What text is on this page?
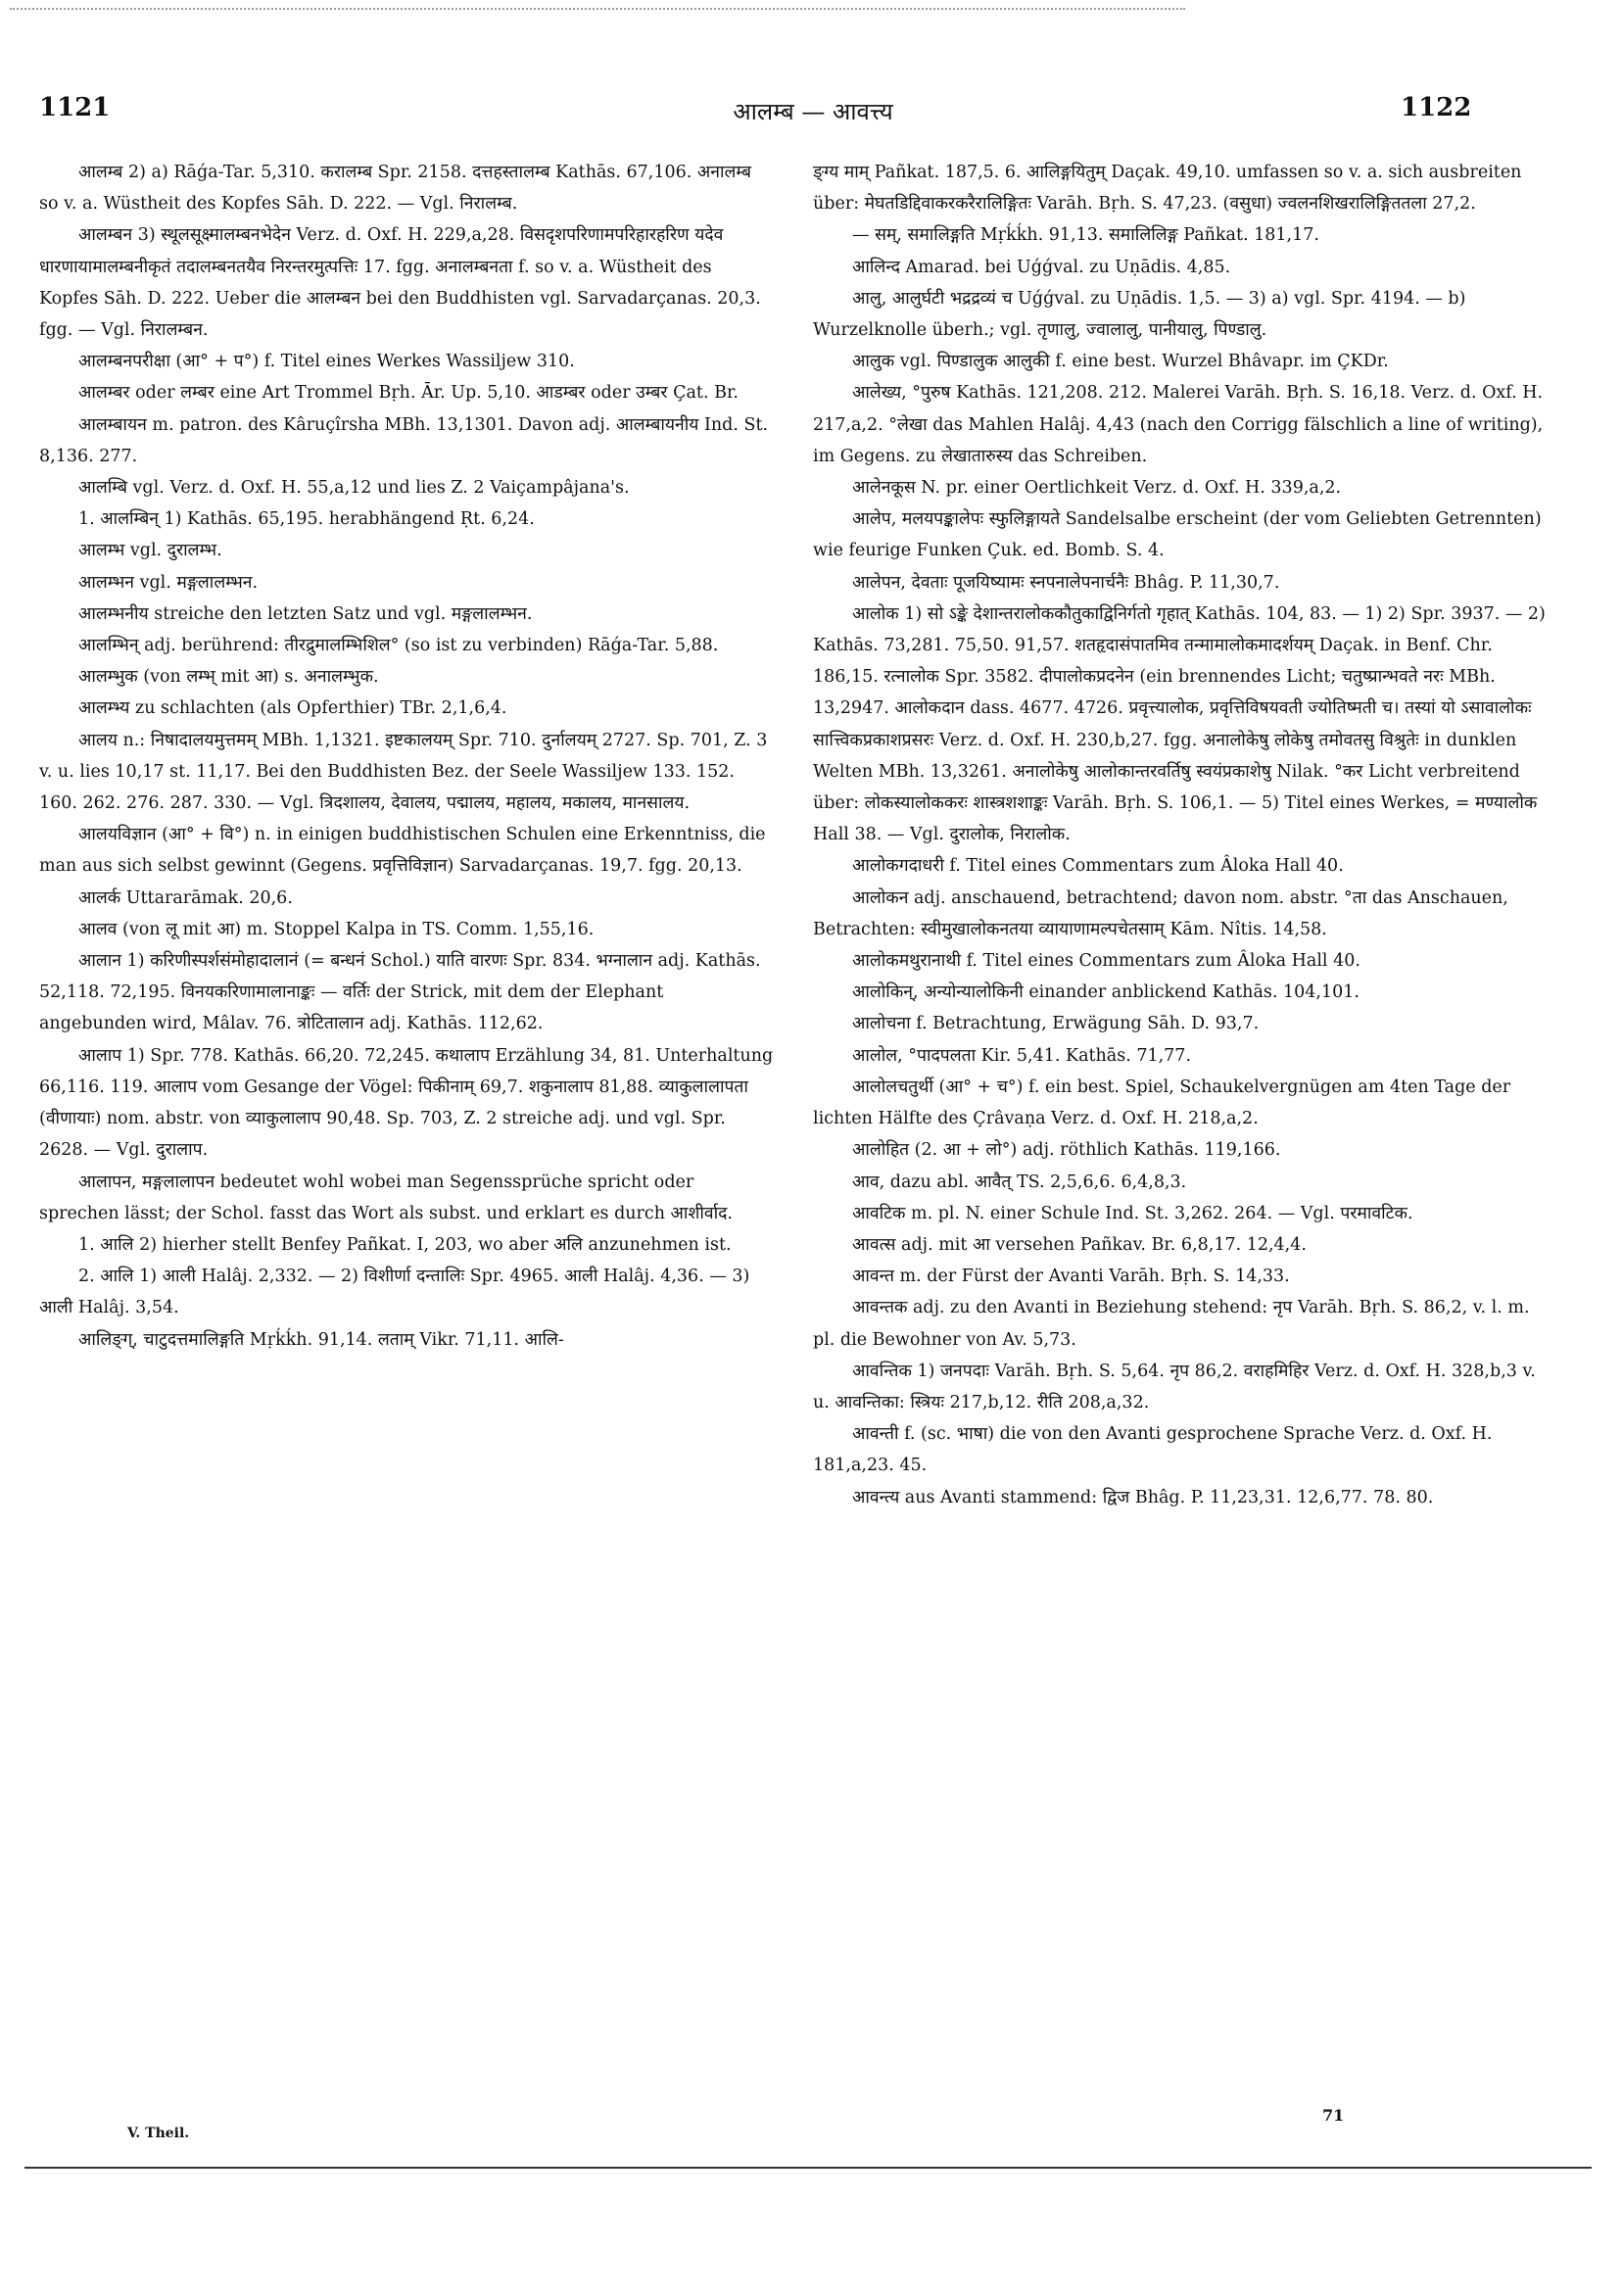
1121	आलम्ब — आवत्त्य	1122

आलम्ब 2) a) Rāǵa-Tar. 5,310. करालम्ब Spr. 2158. दत्तहस्तालम्ब Kathās. 67,106. अनालम्ब so v. a. Wüstheit des Kopfes Sāh. D. 222. — Vgl. निरालम्ब.

आलम्बन 3) स्थूलसूक्ष्मालम्बनभेदेन Verz. d. Oxf. H. 229,a,28. विसदृशपरिणामपरिहारहरिण यदेव धारणायामालम्बनीकृतं तदालम्बनतयैव निरन्तरमुत्पत्तिः 17. fgg. अनालम्बनता f. so v. a. Wüstheit des Kopfes Sāh. D. 222. Ueber die आलम्बन bei den Buddhisten vgl. Sarvadarçanas. 20,3. fgg. — Vgl. निरालम्बन.

आलम्बनपरीक्षा (आ° + प°) f. Titel eines Werkes Wassiljew 310.

आलम्बर oder लम्बर eine Art Trommel Bṛh. Ār. Up. 5,10. आडम्बर oder उम्बर Çat. Br.

आलम्बायन m. patron. des Kâruçîrsha MBh. 13,1301. Davon adj. आलम्बायनीय Ind. St. 8,136. 277.

आलम्बि vgl. Verz. d. Oxf. H. 55,a,12 und lies Z. 2 Vaiçampâjana's.

1. आलम्बिन् 1) Kathās. 65,195. herabhängend Ṛt. 6,24.

आलम्भ vgl. दुरालम्भ.

आलम्भन vgl. मङ्गलालम्भन.

आलम्भनीय streiche den letzten Satz und vgl. मङ्गलालम्भन.

आलम्भिन् adj. berührend: तीरद्रुमालम्भिशिल° (so ist zu verbinden) Rāǵa-Tar. 5,88.

आलम्भुक (von लम्भ् mit आ) s. अनालम्भुक.

आलम्भ्य zu schlachten (als Opferthier) TBr. 2,1,6,4.

आलय n.: निषादालयमुत्तमम् MBh. 1,1321. इष्टकालयम् Spr. 710. दुर्नालयम् 2727. Sp. 701, Z. 3 v. u. lies 10,17 st. 11,17. Bei den Buddhisten Bez. der Seele Wassiljew 133. 152. 160. 262. 276. 287. 330. — Vgl. त्रिदशालय, देवालय, पद्मालय, महालय, मकालय, मानसालय.

आलयविज्ञान (आ° + वि°) n. in einigen buddhistischen Schulen eine Erkenntniss, die man aus sich selbst gewinnt (Gegens. प्रवृत्तिविज्ञान) Sarvadarçanas. 19,7. fgg. 20,13.

आलर्क Uttararāmak. 20,6.

आलव (von लू mit आ) m. Stoppel Kalpa in TS. Comm. 1,55,16.

आलान 1) करिणीस्पर्शसंमोहादालानं (= बन्धनं Schol.) याति वारणः Spr. 834. भग्नालान adj. Kathās. 52,118. 72,195. विनयकरिणामालानाङ्कः — वर्तिः der Strick, mit dem der Elephant angebunden wird, Mâlav. 76. त्रोटितालान adj. Kathās. 112,62.

आलाप 1) Spr. 778. Kathās. 66,20. 72,245. कथालाप Erzählung 34, 81. Unterhaltung 66,116. 119. आलाप vom Gesange der Vögel: पिकीनाम् 69,7. शकुनालाप 81,88. व्याकुलालापता (वीणायाः) nom. abstr. von व्याकुलालाप 90,48. Sp. 703, Z. 2 streiche adj. und vgl. Spr. 2628. — Vgl. दुरालाप.

आलापन, मङ्गलालापन bedeutet wohl wobei man Segenssprüche spricht oder sprechen lässt; der Schol. fasst das Wort als subst. und erklart es durch आशीर्वाद.

1. आलि 2) hierher stellt Benfey Pañkat. I, 203, wo aber अलि anzunehmen ist.

2. आलि 1) आली Halâj. 2,332. — 2) विशीर्णा दन्तालिः Spr. 4965. आली Halâj. 4,36. — 3) आली Halâj. 3,54.

आलिङ्ग्, चाटुदत्तमालिङ्गति Mṛḱḱh. 91,14. लताम् Vikr. 71,11. आलि-

ङ्ग्य माम् Pañkat. 187,5. 6. आलिङ्गयितुम् Daçak. 49,10. umfassen so v. a. sich ausbreiten über: मेघतडिद्दिवाकरकरैरालिङ्गितः Varāh. Bṛh. S. 47,23. (वसुधा) ज्वलनशिखरालिङ्गिततला 27,2.

— सम्, समालिङ्गति Mṛḱḱh. 91,13. समालिलिङ्ग Pañkat. 181,17.

आलिन्द Amarad. bei Uǵǵval. zu Uṇādis. 4,85.

आलु, आलुर्घटी भद्रद्रव्यं च Uǵǵval. zu Uṇādis. 1,5. — 3) a) vgl. Spr. 4194. — b) Wurzelknolle überh.; vgl. तृणालु, ज्वालालु, पानीयालु, पिण्डालु.

आलुक vgl. पिण्डालुक आलुकी f. eine best. Wurzel Bhâvapr. im ÇKDr.

आलेख्य, °पुरुष Kathās. 121,208. 212. Malerei Varāh. Bṛh. S. 16,18. Verz. d. Oxf. H. 217,a,2. °लेखा das Mahlen Halâj. 4,43 (nach den Corrigg fälschlich a line of writing), im Gegens. zu लेखातारुस्य das Schreiben.

आलेनकूस N. pr. einer Oertlichkeit Verz. d. Oxf. H. 339,a,2.

आलेप, मलयपङ्कालेपः स्फुलिङ्गायते Sandelsalbe erscheint (der vom Geliebten Getrennten) wie feurige Funken Çuk. ed. Bomb. S. 4.

आलेपन, देवताः पूजयिष्यामः स्नपनालेपनार्चनैः Bhâg. P. 11,30,7.

आलोक 1) सो ऽङ्के देशान्तरालोककौतुकाद्विनिर्गतो गृहात् Kathās. 104, 83. — 1) 2) Spr. 3937. — 2) Kathās. 73,281. 75,50. 91,57. शतहृदासंपातमिव तन्मामालोकमादर्शयम् Daçak. in Benf. Chr. 186,15. रत्नालोक Spr. 3582. दीपालोकप्रदनेन (ein brennendes Licht; चतुष्प्रान्भवते नरः MBh. 13,2947. आलोकदान dass. 4677. 4726. प्रवृत्त्यालोक, प्रवृत्तिविषयवती ज्योतिष्मती च। तस्यां यो ऽसावालोकः सात्त्विकप्रकाशप्रसरः Verz. d. Oxf. H. 230,b,27. fgg. अनालोकेषु लोकेषु तमोवतसु विश्रुतेः in dunklen Welten MBh. 13,3261. अनालोकेषु आलोकान्तरवर्तिषु स्वयंप्रकाशेषु Nilak. °कर Licht verbreitend über: लोकस्यालोककरः शास्त्रशशाङ्कः Varāh. Bṛh. S. 106,1. — 5) Titel eines Werkes, = मण्यालोक Hall 38. — Vgl. दुरालोक, निरालोक.

आलोकगदाधरी f. Titel eines Commentars zum Âloka Hall 40.

आलोकन adj. anschauend, betrachtend; davon nom. abstr. °ता das Anschauen, Betrachten: स्वीमुखालोकनतया व्यायाणामल्पचेतसाम् Kām. Nîtis. 14,58.

आलोकमथुरानाथी f. Titel eines Commentars zum Âloka Hall 40.

आलोकिन्, अन्योन्यालोकिनी einander anblickend Kathās. 104,101.

आलोचना f. Betrachtung, Erwägung Sāh. D. 93,7.

आलोल, °पादपलता Kir. 5,41. Kathās. 71,77.

आलोलचतुर्थी (आ° + च°) f. ein best. Spiel, Schaukelvergnügen am 4ten Tage der lichten Hälfte des Çrâvaṇa Verz. d. Oxf. H. 218,a,2.

आलोहित (2. आ + लो°) adj. röthlich Kathās. 119,166.

आव, dazu abl. आवैत् TS. 2,5,6,6. 6,4,8,3.

आवटिक m. pl. N. einer Schule Ind. St. 3,262. 264. — Vgl. परमावटिक.

आवत्स adj. mit आ versehen Pañkav. Br. 6,8,17. 12,4,4.

आवन्त m. der Fürst der Avanti Varāh. Bṛh. S. 14,33.

आवन्तक adj. zu den Avanti in Beziehung stehend: नृप Varāh. Bṛh. S. 86,2, v. l. m. pl. die Bewohner von Av. 5,73.

आवन्तिक 1) जनपदाः Varāh. Bṛh. S. 5,64. नृप 86,2. वराहमिहिर Verz. d. Oxf. H. 328,b,3 v. u. आवन्तिका: स्त्रियः 217,b,12. रीति 208,a,32.

आवन्ती f. (sc. भाषा) die von den Avanti gesprochene Sprache Verz. d. Oxf. H. 181,a,23. 45.

आवन्त्य aus Avanti stammend: द्विज Bhâg. P. 11,23,31. 12,6,77. 78. 80.

V. Theil.
71
